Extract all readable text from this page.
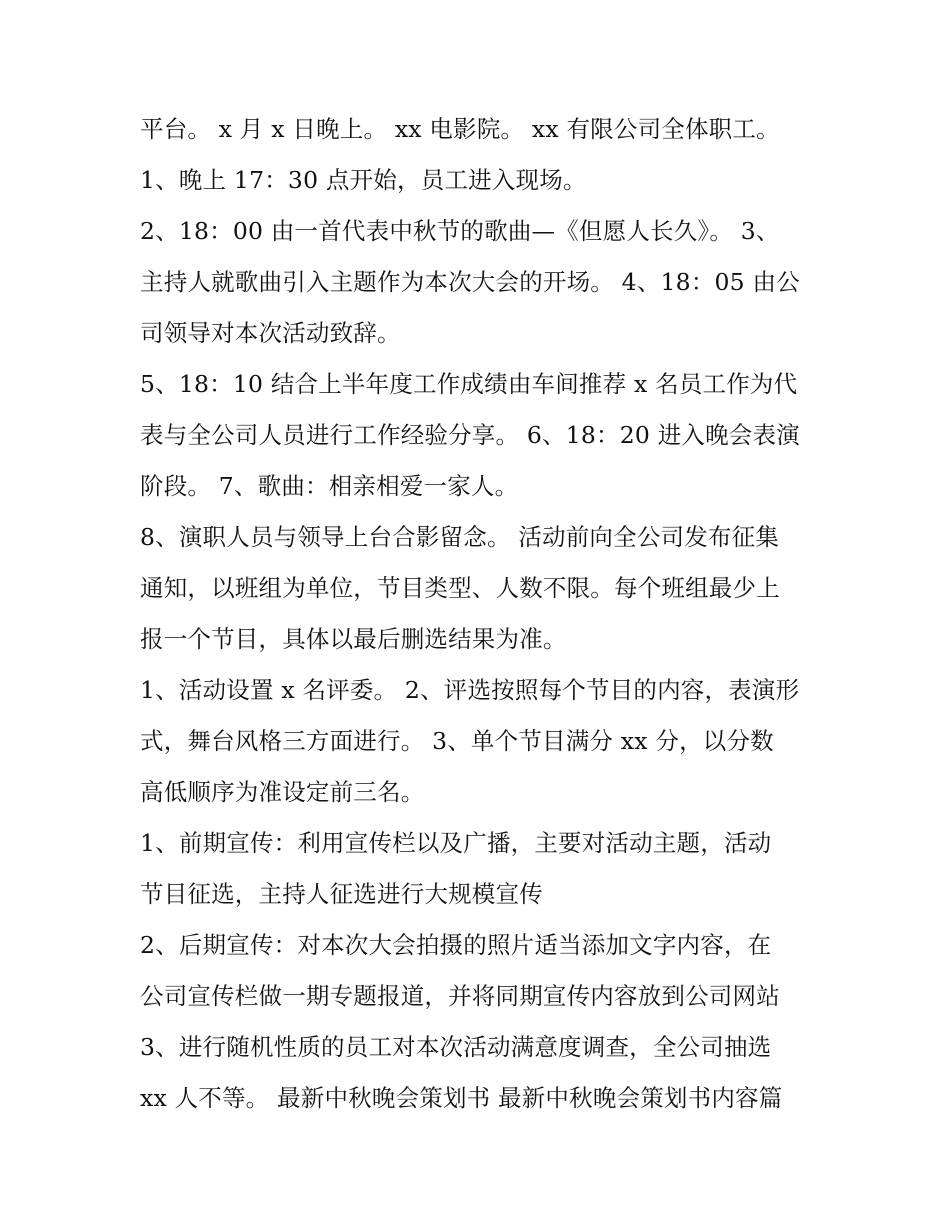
平台。 x 月 x 日晚上。 xx 电影院。 xx 有限公司全体职工。
1、晚上 17：30 点开始，员工进入现场。
2、18：00 由一首代表中秋节的歌曲—《但愿人长久》。 3、
主持人就歌曲引入主题作为本次大会的开场。 4、18：05 由公
司领导对本次活动致辞。
5、18：10 结合上半年度工作成绩由车间推荐 x 名员工作为代
表与全公司人员进行工作经验分享。 6、18：20 进入晚会表演
阶段。 7、歌曲：相亲相爱一家人。
8、演职人员与领导上台合影留念。 活动前向全公司发布征集
通知，以班组为单位，节目类型、人数不限。每个班组最少上
报一个节目，具体以最后删选结果为准。
1、活动设置 x 名评委。 2、评选按照每个节目的内容，表演形
式，舞台风格三方面进行。 3、单个节目满分 xx 分，以分数
高低顺序为准设定前三名。
1、前期宣传：利用宣传栏以及广播，主要对活动主题，活动
节目征选，主持人征选进行大规模宣传
2、后期宣传：对本次大会拍摄的照片适当添加文字内容，在
公司宣传栏做一期专题报道，并将同期宣传内容放到公司网站
3、进行随机性质的员工对本次活动满意度调查，全公司抽选
xx 人不等。 最新中秋晚会策划书 最新中秋晚会策划书内容篇
